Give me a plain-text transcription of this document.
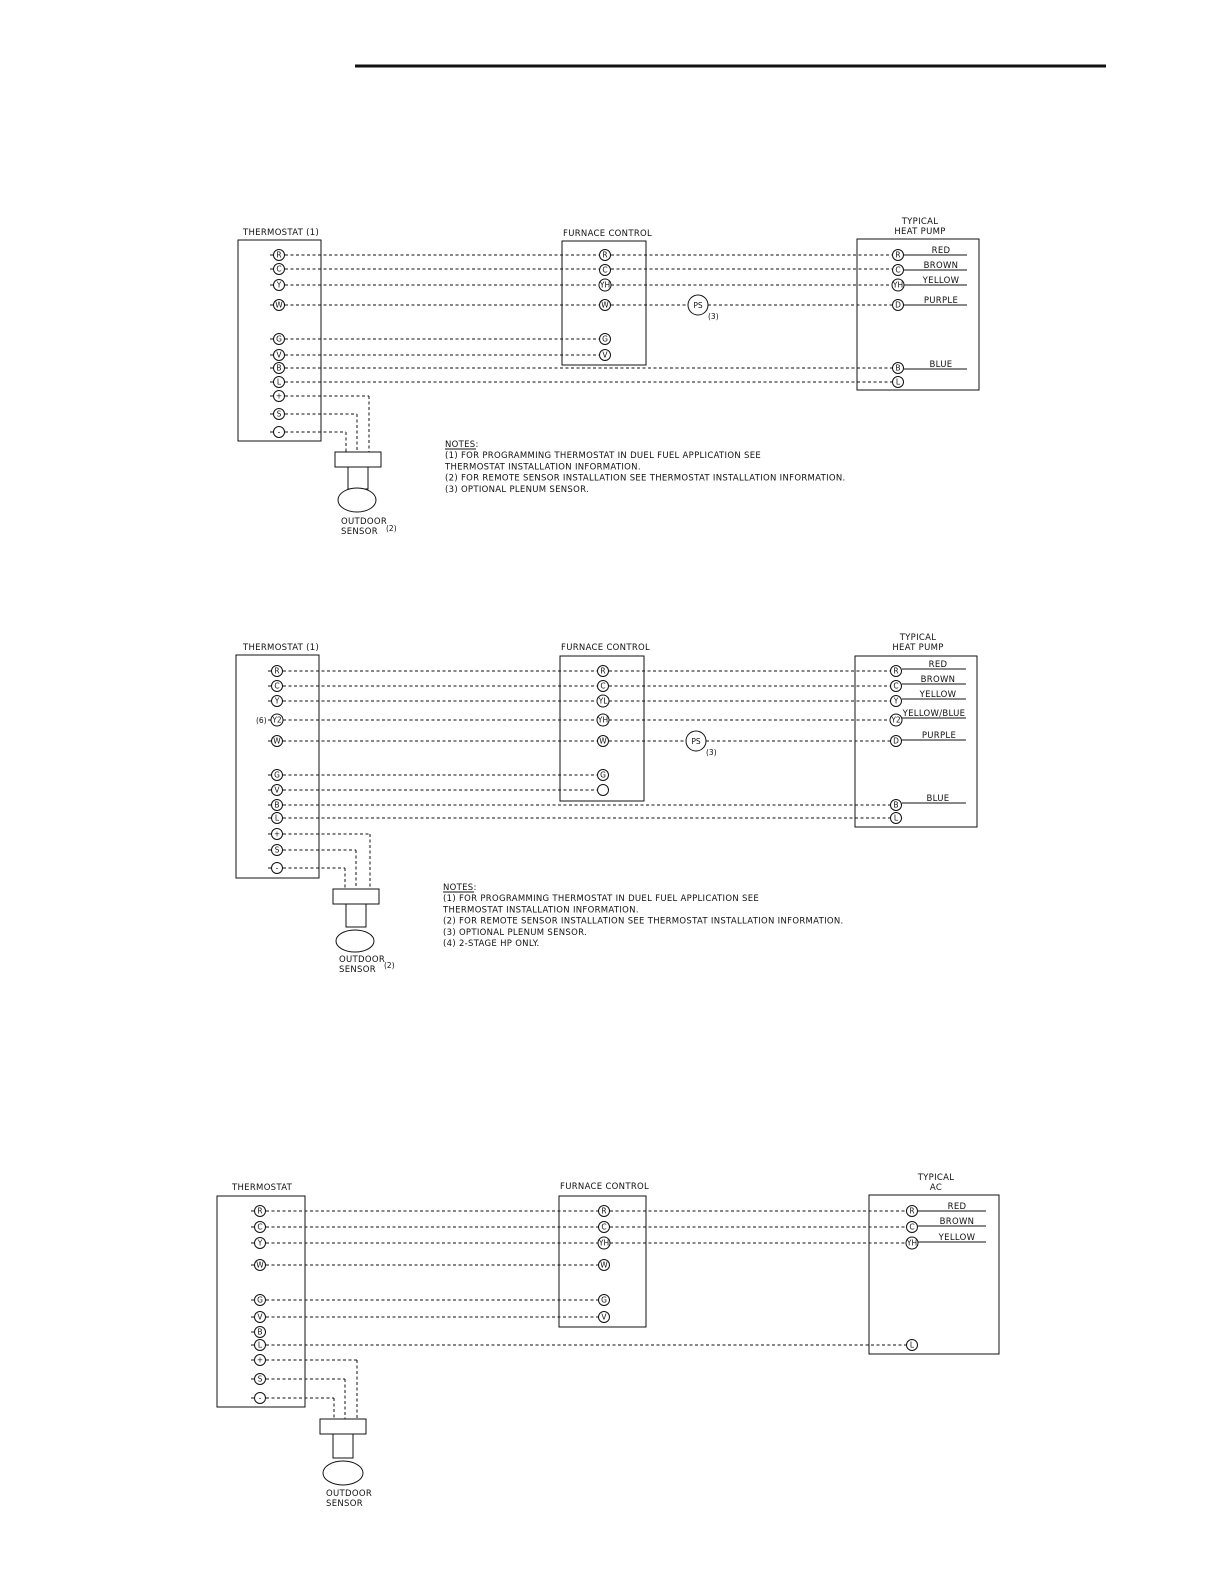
THERMOSTAT (1)	FURNACE CONTROL
TYPICAL
HEAT PUMP
PS
(3)
R
C
Y
W
G
V
B
L
+
S
-
R
C
YH
W
G
V
R
C
YH
D
B
L
RED
BROWN
YELLOW
PURPLE
BLUE
OUTDOOR
SENSOR (2)
NOTES:
(1) FOR PROGRAMMING THERMOSTAT IN DUEL FUEL APPLICATION SEE
THERMOSTAT INSTALLATION INFORMATION.
(2) FOR REMOTE SENSOR INSTALLATION SEE THERMOSTAT INSTALLATION INFORMATION.
(3) OPTIONAL PLENUM SENSOR.
THERMOSTAT (1)	FURNACE CONTROL
TYPICAL
HEAT PUMP
PS
(3)
R
C
Y
Y2
W
G
V
B
L
+
S
-
R
C
YL
YH
W
G
R
C
Y
Y2
D
B
L
(6)
RED
BROWN
YELLOW
YELLOW/BLUE
PURPLE
BLUE
OUTDOOR
SENSOR (2)
NOTES:
(1) FOR PROGRAMMING THERMOSTAT IN DUEL FUEL APPLICATION SEE
THERMOSTAT INSTALLATION INFORMATION.
(2) FOR REMOTE SENSOR INSTALLATION SEE THERMOSTAT INSTALLATION INFORMATION.
(3) OPTIONAL PLENUM SENSOR.
(4) 2-STAGE HP ONLY.
THERMOSTAT	FURNACE CONTROL
TYPICAL
AC
R
C
Y
W
G
V
B
L
+
S
-
R
C
YH
W
G
V
R
C
YH
L
RED
BROWN
YELLOW
OUTDOOR
SENSOR
